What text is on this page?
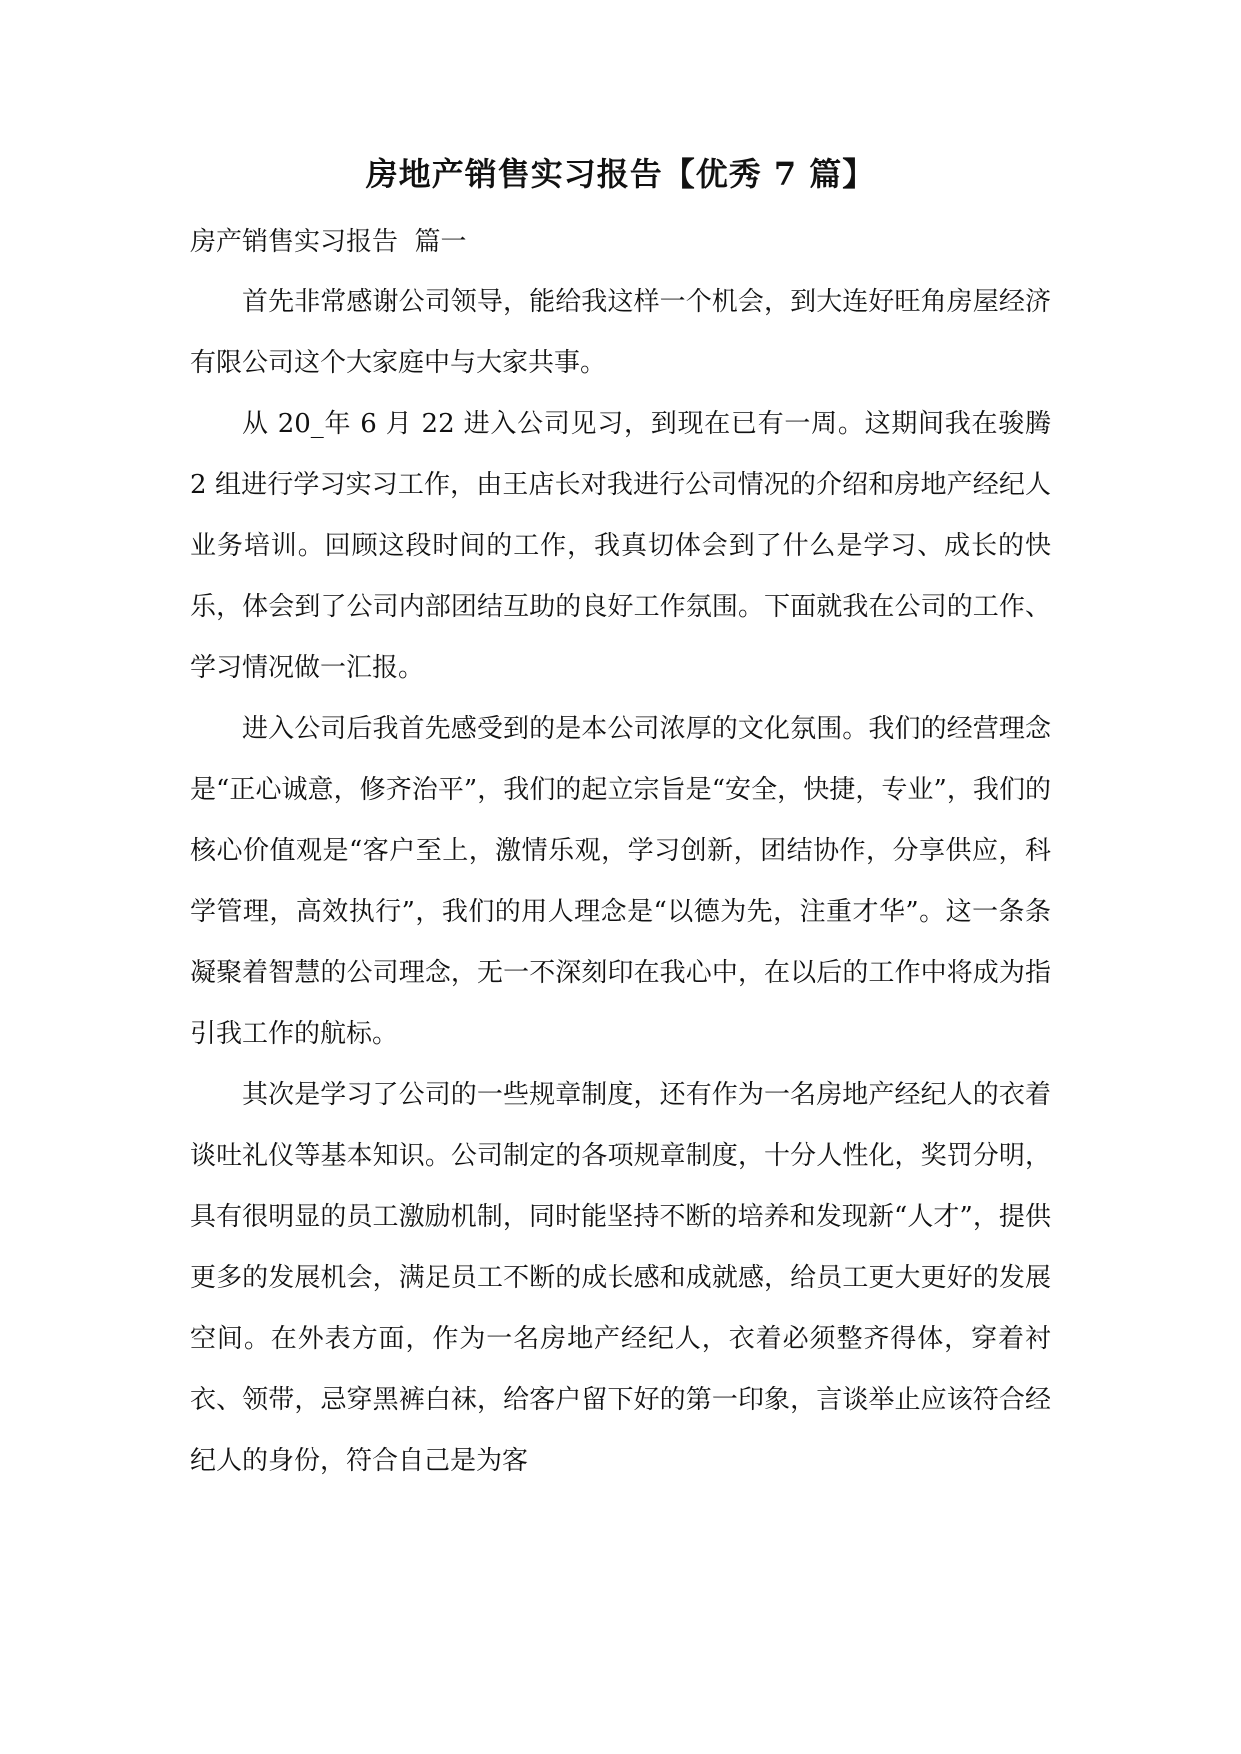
房地产销售实习报告【优秀 7 篇】

房产销售实习报告  篇一

首先非常感谢公司领导，能给我这样一个机会，到大连好旺角房屋经济有限公司这个大家庭中与大家共事。

从 20_年 6 月 22 进入公司见习，到现在已有一周。这期间我在骏腾 2 组进行学习实习工作，由王店长对我进行公司情况的介绍和房地产经纪人业务培训。回顾这段时间的工作，我真切体会到了什么是学习、成长的快乐，体会到了公司内部团结互助的良好工作氛围。下面就我在公司的工作、学习情况做一汇报。

进入公司后我首先感受到的是本公司浓厚的文化氛围。我们的经营理念是“正心诚意，修齐治平”，我们的起立宗旨是“安全，快捷，专业”，我们的核心价值观是“客户至上，激情乐观，学习创新，团结协作，分享供应，科学管理，高效执行”，我们的用人理念是“以德为先，注重才华”。这一条条凝聚着智慧的公司理念，无一不深刻印在我心中，在以后的工作中将成为指引我工作的航标。

其次是学习了公司的一些规章制度，还有作为一名房地产经纪人的衣着谈吐礼仪等基本知识。公司制定的各项规章制度，十分人性化，奖罚分明，具有很明显的员工激励机制，同时能坚持不断的培养和发现新“人才”，提供更多的发展机会，满足员工不断的成长感和成就感，给员工更大更好的发展空间。在外表方面，作为一名房地产经纪人，衣着必须整齐得体，穿着衬衣、领带，忌穿黑裤白袜，给客户留下好的第一印象，言谈举止应该符合经纪人的身份，符合自己是为客
